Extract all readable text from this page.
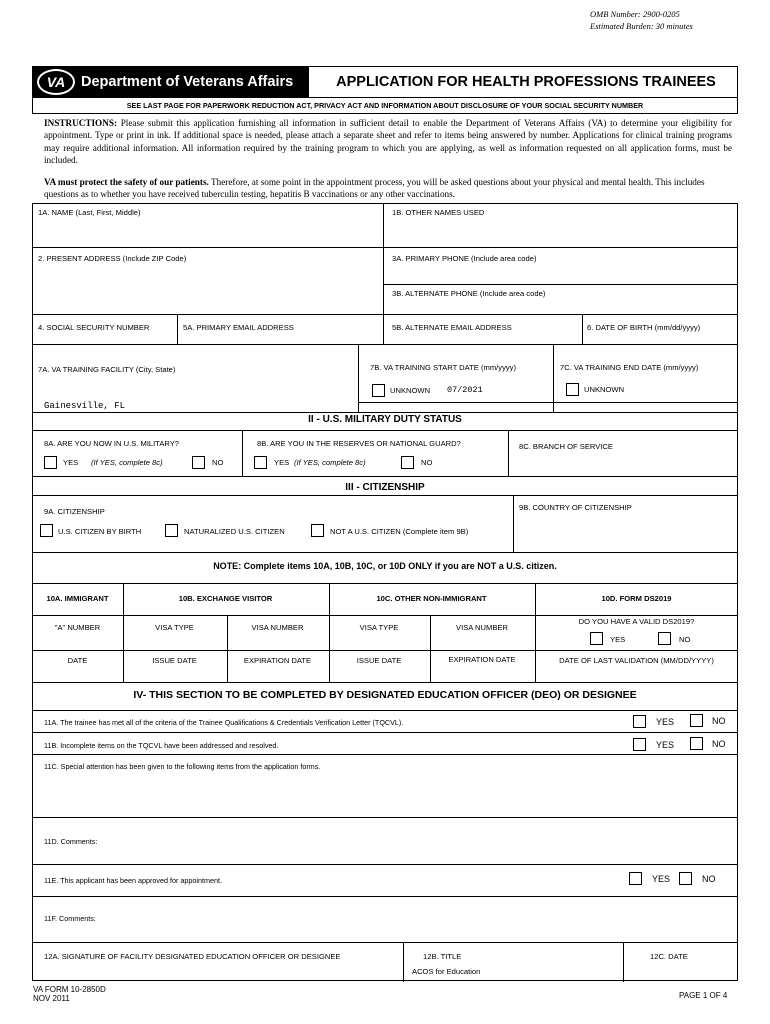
OMB Number: 2900-0205
Estimated Burden: 30 minutes
VA	Department of Veterans Affairs	APPLICATION FOR HEALTH PROFESSIONS TRAINEES
SEE LAST PAGE FOR PAPERWORK REDUCTION ACT, PRIVACY ACT AND INFORMATION ABOUT DISCLOSURE OF YOUR SOCIAL SECURITY NUMBER
INSTRUCTIONS: Please submit this application furnishing all information in sufficient detail to enable the Department of Veterans Affairs (VA) to determine your eligibility for appointment. Type or print in ink. If additional space is needed, please attach a separate sheet and refer to items being answered by number. Applications for clinical training programs may require additional information. All information required by the training program to which you are applying, as well as information requested on all application forms, must be included.
VA must protect the safety of our patients. Therefore, at some point in the appointment process, you will be asked questions about your physical and mental health. This includes questions as to whether you have received tuberculin testing, hepatitis B vaccinations or any other vaccinations.
1A. NAME (Last, First, Middle)	1B. OTHER NAMES USED
2. PRESENT ADDRESS (Include ZIP Code)	3A. PRIMARY PHONE (Include area code)
3B. ALTERNATE PHONE (Include area code)
4. SOCIAL SECURITY NUMBER	5A. PRIMARY EMAIL ADDRESS	5B. ALTERNATE EMAIL ADDRESS	6. DATE OF BIRTH (mm/dd/yyyy)
7A. VA TRAINING FACILITY (City, State)
Gainesville, FL
7B. VA TRAINING START DATE (mm/yyyy)
UNKNOWN 07/2021
7C. VA TRAINING END DATE (mm/yyyy)
UNKNOWN
II - U.S. MILITARY DUTY STATUS
8A. ARE YOU NOW IN U.S. MILITARY?
YES (If YES, complete 8c)	NO
8B. ARE YOU IN THE RESERVES OR NATIONAL GUARD?
YES (If YES, complete 8c)	NO
8C. BRANCH OF SERVICE
III - CITIZENSHIP
9A. CITIZENSHIP
U.S. CITIZEN BY BIRTH	NATURALIZED U.S. CITIZEN	NOT A U.S. CITIZEN (Complete item 9B)
9B. COUNTRY OF CITIZENSHIP
NOTE: Complete items 10A, 10B, 10C, or 10D ONLY if you are NOT a U.S. citizen.
10A. IMMIGRANT	10B. EXCHANGE VISITOR	10C. OTHER NON-IMMIGRANT	10D. FORM DS2019
"A" NUMBER	VISA TYPE	VISA NUMBER	VISA TYPE	VISA NUMBER
DO YOU HAVE A VALID DS2019?
YES	NO
DATE	ISSUE DATE	EXPIRATION DATE	ISSUE DATE	EXPIRATION DATE	DATE OF LAST VALIDATION (MM/DD/YYYY)
IV- THIS SECTION TO BE COMPLETED BY DESIGNATED EDUCATION OFFICER (DEO) OR DESIGNEE
11A. The trainee has met all of the criteria of the Trainee Qualifications & Credentials Verification Letter (TQCVL).	YES	NO
11B. Incomplete items on the TQCVL have been addressed and resolved.	YES	NO
11C. Special attention has been given to the following items from the application forms.
11D. Comments:
11E. This applicant has been approved for appointment.	YES	NO
11F. Comments:
12A. SIGNATURE OF FACILITY DESIGNATED EDUCATION OFFICER OR DESIGNEE	12B. TITLE
ACOS for Education
12C. DATE
VA FORM 10-2850D
NOV 2011	PAGE 1 OF 4
